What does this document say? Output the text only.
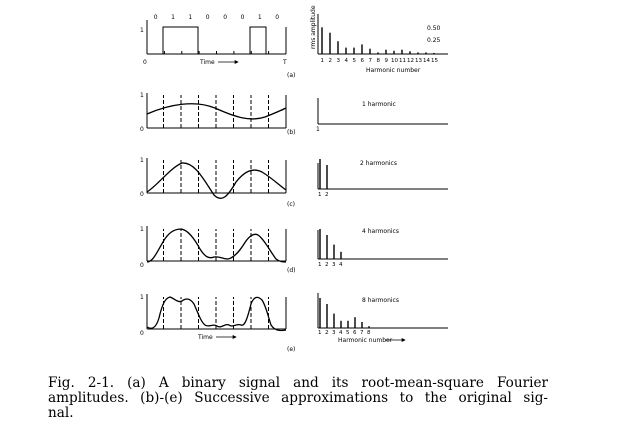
0 1 1 0 0 0 1 0
1
0	T
Time
(a)
rms amplitude	0.50
0.25
1 2 3 4 5 6 7 8 9 10 11 12 13 14 15
Harmonic number
1
0	(b)
1 harmonic
1
1
0
(c)
2 harmonics
1 2
1
0
(d)
4 harmonics
1 2 3 4
1
0
Time
(e)
8 harmonics
1 2 3 4 5 6 7 8
Harmonic number

Fig. 2-1. (a) A binary signal and its root-mean-square Fourier
amplitudes. (b)-(e) Successive approximations to the original sig-
nal.
